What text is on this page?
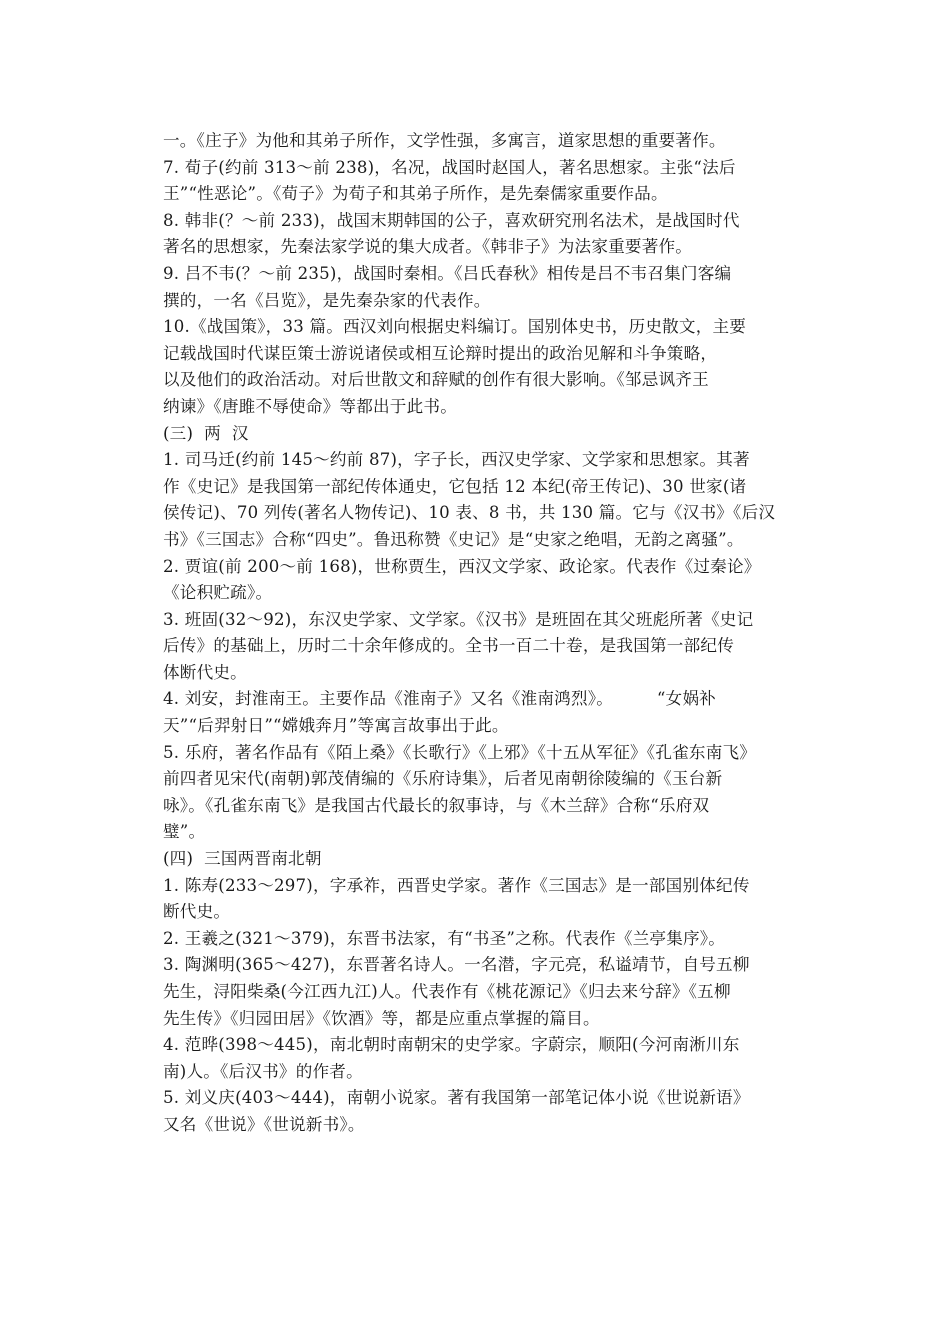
一。《庄子》为他和其弟子所作，文学性强，多寓言，道家思想的重要著作。
7. 荀子(约前 313～前 238)，名况，战国时赵国人，著名思想家。主张“法后
王”“性恶论”。《荀子》为荀子和其弟子所作，是先秦儒家重要作品。
8. 韩非(？～前 233)，战国末期韩国的公子，喜欢研究刑名法术，是战国时代
著名的思想家，先秦法家学说的集大成者。《韩非子》为法家重要著作。
9. 吕不韦(？～前 235)，战国时秦相。《吕氏春秋》相传是吕不韦召集门客编
撰的，一名《吕览》，是先秦杂家的代表作。
10.《战国策》，33 篇。西汉刘向根据史料编订。国别体史书，历史散文，主要
记载战国时代谋臣策士游说诸侯或相互论辩时提出的政治见解和斗争策略，
以及他们的政治活动。对后世散文和辞赋的创作有很大影响。《邹忌讽齐王
纳谏》《唐雎不辱使命》等都出于此书。
(三)  两  汉
1. 司马迁(约前 145～约前 87)，字子长，西汉史学家、文学家和思想家。其著
作《史记》是我国第一部纪传体通史，它包括 12 本纪(帝王传记)、30 世家(诸
侯传记)、70 列传(著名人物传记)、10 表、8 书，共 130 篇。它与《汉书》《后汉
书》《三国志》合称“四史”。鲁迅称赞《史记》是“史家之绝唱，无韵之离骚”。
2. 贾谊(前 200～前 168)，世称贾生，西汉文学家、政论家。代表作《过秦论》
《论积贮疏》。
3. 班固(32～92)，东汉史学家、文学家。《汉书》是班固在其父班彪所著《史记
后传》的基础上，历时二十余年修成的。全书一百二十卷，是我国第一部纪传
体断代史。
4. 刘安，封淮南王。主要作品《淮南子》又名《淮南鸿烈》。        “女娲补
天”“后羿射日”“嫦娥奔月”等寓言故事出于此。
5. 乐府，著名作品有《陌上桑》《长歌行》《上邪》《十五从军征》《孔雀东南飞》
前四者见宋代(南朝)郭茂倩编的《乐府诗集》，后者见南朝徐陵编的《玉台新
咏》。《孔雀东南飞》是我国古代最长的叙事诗，与《木兰辞》合称“乐府双
璧”。
(四)  三国两晋南北朝
1. 陈寿(233～297)，字承祚，西晋史学家。著作《三国志》是一部国别体纪传
断代史。
2. 王羲之(321～379)，东晋书法家，有“书圣”之称。代表作《兰亭集序》。
3. 陶渊明(365～427)，东晋著名诗人。一名潜，字元亮，私谥靖节，自号五柳
先生，浔阳柴桑(今江西九江)人。代表作有《桃花源记》《归去来兮辞》《五柳
先生传》《归园田居》《饮酒》等，都是应重点掌握的篇目。
4. 范晔(398～445)，南北朝时南朝宋的史学家。字蔚宗，顺阳(今河南淅川东
南)人。《后汉书》的作者。
5. 刘义庆(403～444)，南朝小说家。著有我国第一部笔记体小说《世说新语》
又名《世说》《世说新书》。
